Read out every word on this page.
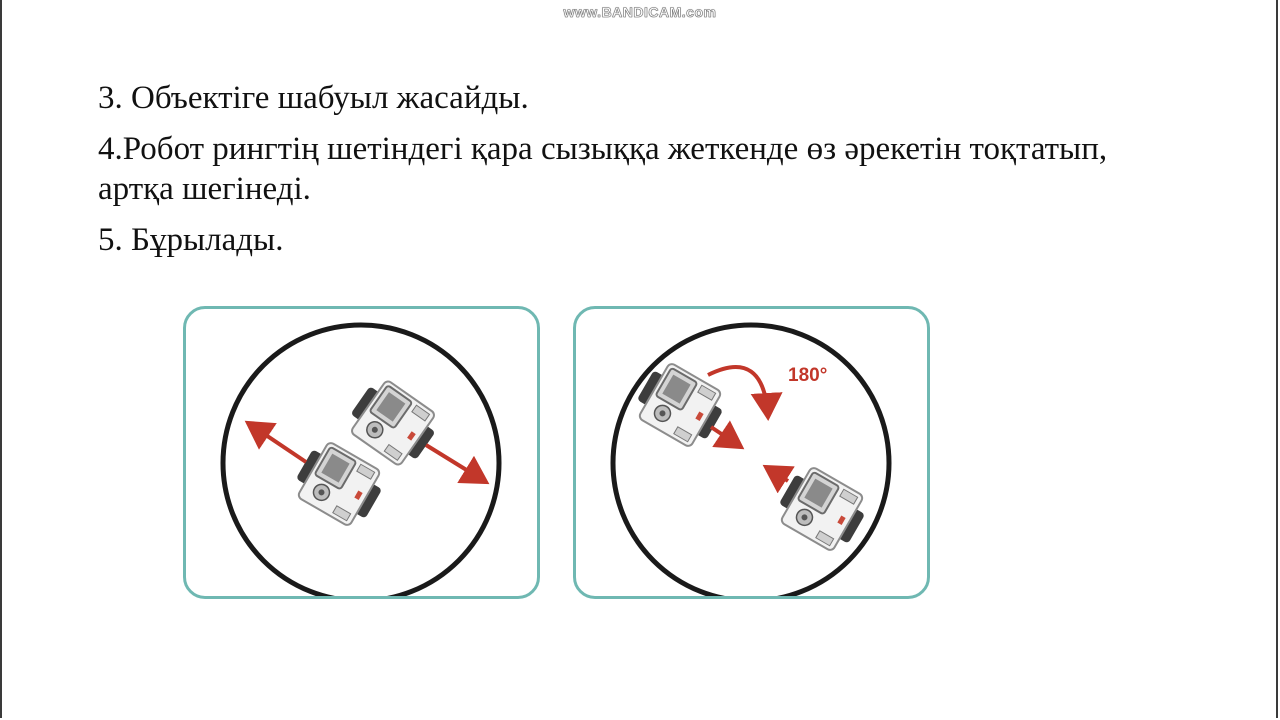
www.BANDICAM.com

3. Объектіге шабуыл жасайды.

4.Робот рингтің шетіндегі қара сызыққа жеткенде өз әрекетін тоқтатып, артқа шегінеді.

5. Бұрылады.

180°
